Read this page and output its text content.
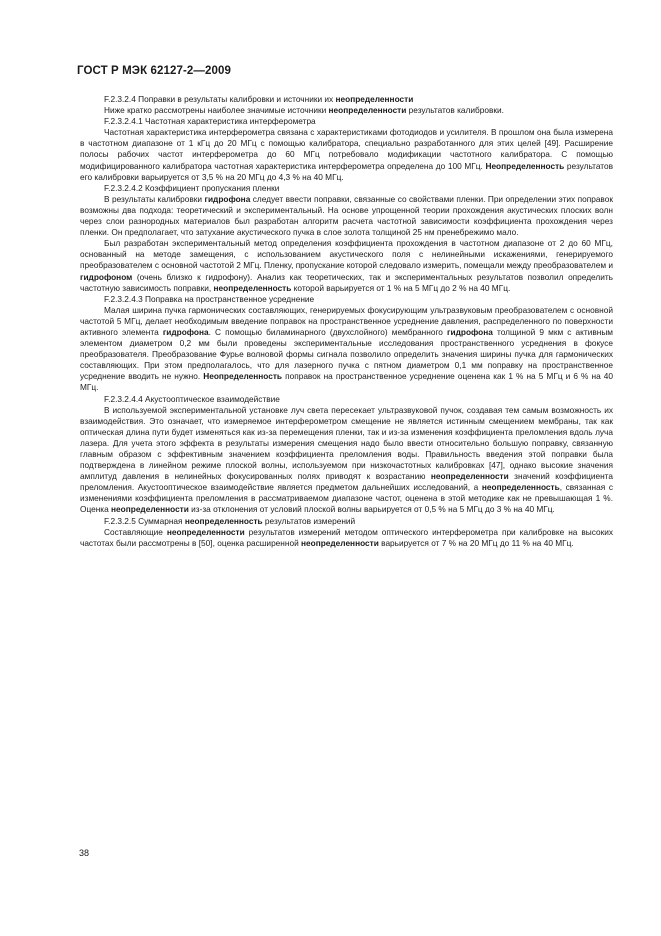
ГОСТ Р МЭК 62127-2—2009

F.2.3.2.4 Поправки в результаты калибровки и источники их неопределенности

Ниже кратко рассмотрены наиболее значимые источники неопределенности результатов калибровки.

F.2.3.2.4.1 Частотная характеристика интерферометра

Частотная характеристика интерферометра связана с характеристиками фотодиодов и усилителя. В прошлом она была измерена в частотном диапазоне от 1 кГц до 20 МГц с помощью калибратора, специально разработанного для этих целей [49]. Расширение полосы рабочих частот интерферометра до 60 МГц потребовало модификации частотного калибратора. С помощью модифицированного калибратора частотная характеристика интерферометра определена до 100 МГц. Неопределенность результатов его калибровки варьируется от 3,5 % на 20 МГц до 4,3 % на 40 МГц.

F.2.3.2.4.2 Коэффициент пропускания пленки

В результаты калибровки гидрофона следует ввести поправки, связанные со свойствами пленки. При определении этих поправок возможны два подхода: теоретический и экспериментальный. На основе упрощенной теории прохождения акустических плоских волн через слои разнородных материалов был разработан алгоритм расчета частотной зависимости коэффициента прохождения через пленки. Он предполагает, что затухание акустического пучка в слое золота толщиной 25 нм пренебрежимо мало.

Был разработан экспериментальный метод определения коэффициента прохождения в частотном диапазоне от 2 до 60 МГц, основанный на методе замещения, с использованием акустического поля с нелинейными искажениями, генерируемого преобразователем с основной частотой 2 МГц. Пленку, пропускание которой следовало измерить, помещали между преобразователем и гидрофоном (очень близко к гидрофону). Анализ как теоретических, так и экспериментальных результатов позволил определить частотную зависимость поправки, неопределенность которой варьируется от 1 % на 5 МГц до 2 % на 40 МГц.

F.2.3.2.4.3 Поправка на пространственное усреднение

Малая ширина пучка гармонических составляющих, генерируемых фокусирующим ультразвуковым преобразователем с основной частотой 5 МГц, делает необходимым введение поправок на пространственное усреднение давления, распределенного по поверхности активного элемента гидрофона. С помощью биламинарного (двухслойного) мембранного гидрофона толщиной 9 мкм с активным элементом диаметром 0,2 мм были проведены экспериментальные исследования пространственного усреднения в фокусе преобразователя. Преобразование Фурье волновой формы сигнала позволило определить значения ширины пучка для гармонических составляющих. При этом предполагалось, что для лазерного пучка с пятном диаметром 0,1 мм поправку на пространственное усреднение вводить не нужно. Неопределенность поправок на пространственное усреднение оценена как 1 % на 5 МГц и 6 % на 40 МГц.

F.2.3.2.4.4 Акустооптическое взаимодействие

В используемой экспериментальной установке луч света пересекает ультразвуковой пучок, создавая тем самым возможность их взаимодействия. Это означает, что измеряемое интерферометром смещение не является истинным смещением мембраны, так как оптическая длина пути будет изменяться как из-за перемещения пленки, так и из-за изменения коэффициента преломления вдоль луча лазера. Для учета этого эффекта в результаты измерения смещения надо было ввести относительно большую поправку, связанную главным образом с эффективным значением коэффициента преломления воды. Правильность введения этой поправки была подтверждена в линейном режиме плоской волны, используемом при низкочастотных калибровках [47], однако высокие значения амплитуд давления в нелинейных фокусированных полях приводят к возрастанию неопределенности значений коэффициента преломления. Акустооптическое взаимодействие является предметом дальнейших исследований, а неопределенность, связанная с изменениями коэффициента преломления в рассматриваемом диапазоне частот, оценена в этой методике как не превышающая 1 %. Оценка неопределенности из-за отклонения от условий плоской волны варьируется от 0,5 % на 5 МГц до 3 % на 40 МГц.

F.2.3.2.5 Суммарная неопределенность результатов измерений

Составляющие неопределенности результатов измерений методом оптического интерферометра при калибровке на высоких частотах были рассмотрены в [50], оценка расширенной неопределенности варьируется от 7 % на 20 МГц до 11 % на 40 МГц.

38
